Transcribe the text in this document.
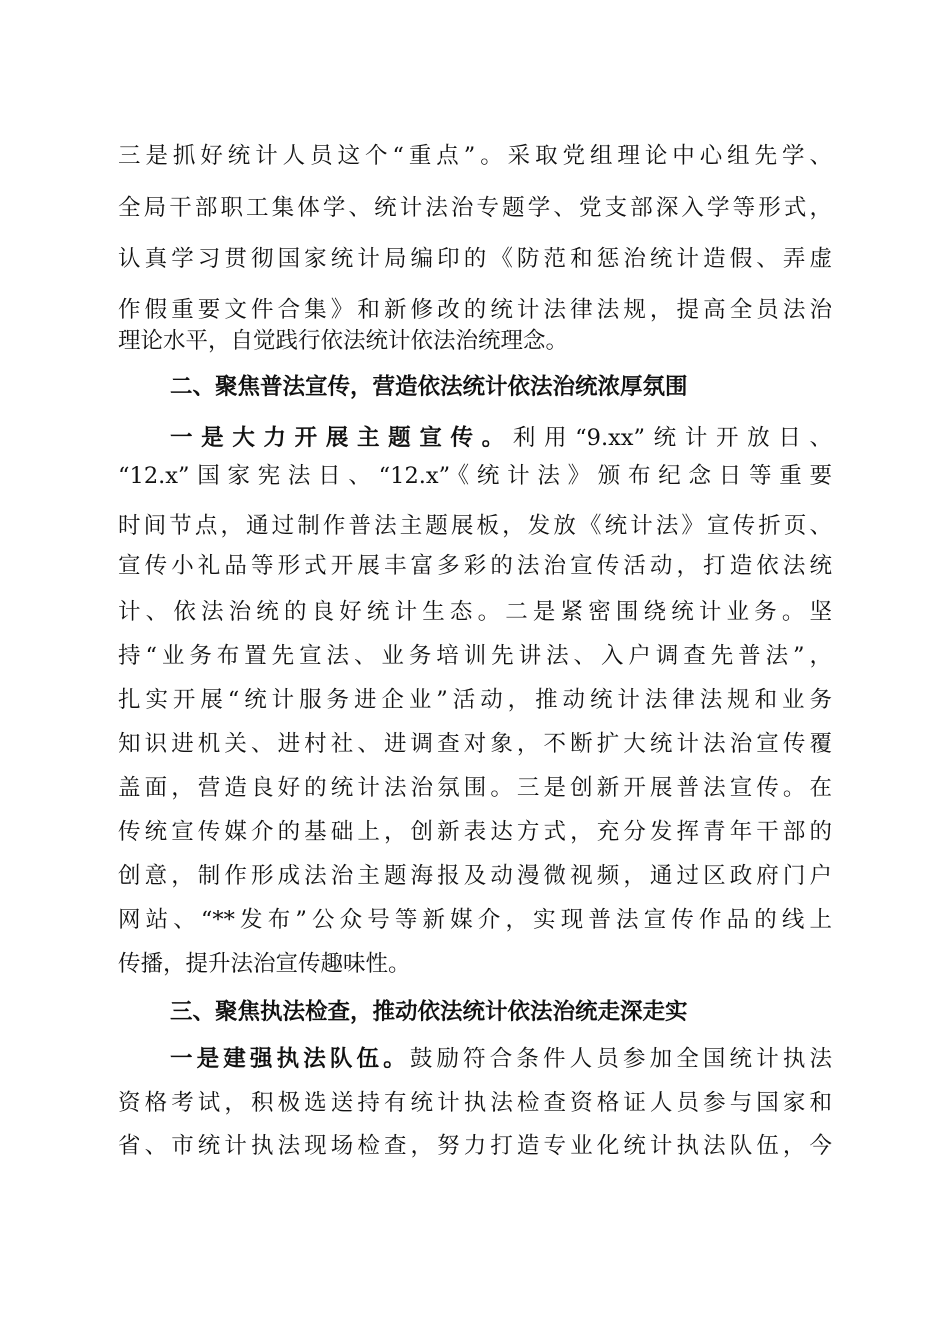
三是抓好统计人员这个“重点”。采取党组理论中心组先学、
全局干部职工集体学、统计法治专题学、党支部深入学等形式，
认真学习贯彻国家统计局编印的《防范和惩治统计造假、弄虚
作假重要文件合集》和新修改的统计法律法规，提高全员法治
理论水平，自觉践行依法统计依法治统理念。
二、聚焦普法宣传，营造依法统计依法治统浓厚氛围
一是大力开展主题宣传。利用“9.xx”统计开放日、
“12.x”国家宪法日、“12.x”《统计法》颁布纪念日等重要
时间节点，通过制作普法主题展板，发放《统计法》宣传折页、
宣传小礼品等形式开展丰富多彩的法治宣传活动，打造依法统
计、依法治统的良好统计生态。二是紧密围绕统计业务。坚
持“业务布置先宣法、业务培训先讲法、入户调查先普法”，
扎实开展“统计服务进企业”活动，推动统计法律法规和业务
知识进机关、进村社、进调查对象，不断扩大统计法治宣传覆
盖面，营造良好的统计法治氛围。三是创新开展普法宣传。在
传统宣传媒介的基础上，创新表达方式，充分发挥青年干部的
创意，制作形成法治主题海报及动漫微视频，通过区政府门户
网站、“**发布”公众号等新媒介，实现普法宣传作品的线上
传播，提升法治宣传趣味性。
三、聚焦执法检查，推动依法统计依法治统走深走实
一是建强执法队伍。鼓励符合条件人员参加全国统计执法
资格考试，积极选送持有统计执法检查资格证人员参与国家和
省、市统计执法现场检查，努力打造专业化统计执法队伍，今
